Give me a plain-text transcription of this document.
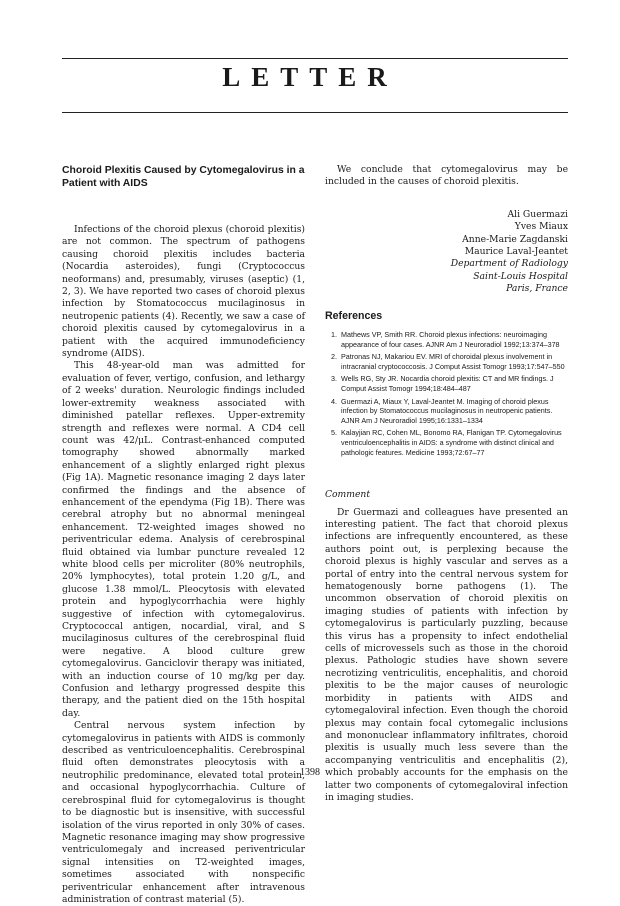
LETTER
Choroid Plexitis Caused by Cytomegalovirus in a Patient with AIDS

Infections of the choroid plexus (choroid plexitis) are not common. The spectrum of pathogens causing choroid plexitis includes bacteria (Nocardia asteroides), fungi (Cryptococcus neoformans) and, presumably, viruses (aseptic) (1, 2, 3). We have reported two cases of choroid plexus infection by Stomatococcus mucilaginosus in neutropenic patients (4). Recently, we saw a case of choroid plexitis caused by cytomegalovirus in a patient with the acquired immunodeficiency syndrome (AIDS).

This 48-year-old man was admitted for evaluation of fever, vertigo, confusion, and lethargy of 2 weeks' duration. Neurologic findings included lower-extremity weakness associated with diminished patellar reflexes. Upper-extremity strength and reflexes were normal. A CD4 cell count was 42/μL. Contrast-enhanced computed tomography showed abnormally marked enhancement of a slightly enlarged right plexus (Fig 1A). Magnetic resonance imaging 2 days later confirmed the findings and the absence of enhancement of the ependyma (Fig 1B). There was cerebral atrophy but no abnormal meningeal enhancement. T2-weighted images showed no periventricular edema. Analysis of cerebrospinal fluid obtained via lumbar puncture revealed 12 white blood cells per microliter (80% neutrophils, 20% lymphocytes), total protein 1.20 g/L, and glucose 1.38 mmol/L. Pleocytosis with elevated protein and hypoglycorrhachia were highly suggestive of infection with cytomegalovirus. Cryptococcal antigen, nocardial, viral, and S mucilaginosus cultures of the cerebrospinal fluid were negative. A blood culture grew cytomegalovirus. Ganciclovir therapy was initiated, with an induction course of 10 mg/kg per day. Confusion and lethargy progressed despite this therapy, and the patient died on the 15th hospital day.

Central nervous system infection by cytomegalovirus in patients with AIDS is commonly described as ventriculoencephalitis. Cerebrospinal fluid often demonstrates pleocytosis with a neutrophilic predominance, elevated total protein, and occasional hypoglycorrhachia. Culture of cerebrospinal fluid for cytomegalovirus is thought to be diagnostic but is insensitive, with successful isolation of the virus reported in only 30% of cases. Magnetic resonance imaging may show progressive ventriculomegaly and increased periventricular signal intensities on T2-weighted images, sometimes associated with nonspecific periventricular enhancement after intravenous administration of contrast material (5).

We conclude that cytomegalovirus may be included in the causes of choroid plexitis.

Ali Guermazi
Yves Miaux
Anne-Marie Zagdanski
Maurice Laval-Jeantet
Department of Radiology
Saint-Louis Hospital
Paris, France
References
1. Mathews VP, Smith RR. Choroid plexus infections: neuroimaging appearance of four cases. AJNR Am J Neuroradiol 1992;13:374–378
2. Patronas NJ, Makariou EV. MRI of choroidal plexus involvement in intracranial cryptococcosis. J Comput Assist Tomogr 1993;17:547–550
3. Wells RG, Sty JR. Nocardia choroid plexitis: CT and MR findings. J Comput Assist Tomogr 1994;18:484–487
4. Guermazi A, Miaux Y, Laval-Jeantet M. Imaging of choroid plexus infection by Stomatococcus mucilaginosus in neutropenic patients. AJNR Am J Neuroradiol 1995;16:1331–1334
5. Kalayjian RC, Cohen ML, Bonomo RA, Flanigan TP. Cytomegalovirus ventriculoencephalitis in AIDS: a syndrome with distinct clinical and pathologic features. Medicine 1993;72:67–77
Comment

Dr Guermazi and colleagues have presented an interesting patient. The fact that choroid plexus infections are infrequently encountered, as these authors point out, is perplexing because the choroid plexus is highly vascular and serves as a portal of entry into the central nervous system for hematogenously borne pathogens (1). The uncommon observation of choroid plexitis on imaging studies of patients with infection by cytomegalovirus is particularly puzzling, because this virus has a propensity to infect endothelial cells of microvessels such as those in the choroid plexus. Pathologic studies have shown severe necrotizing ventriculitis, encephalitis, and choroid plexitis to be the major causes of neurologic morbidity in patients with AIDS and cytomegaloviral infection. Even though the choroid plexus may contain focal cytomegalic inclusions and mononuclear inflammatory infiltrates, choroid plexitis is usually much less severe than the accompanying ventriculitis and encephalitis (2), which probably accounts for the emphasis on the latter two components of cytomegaloviral infection in imaging studies.

1398
